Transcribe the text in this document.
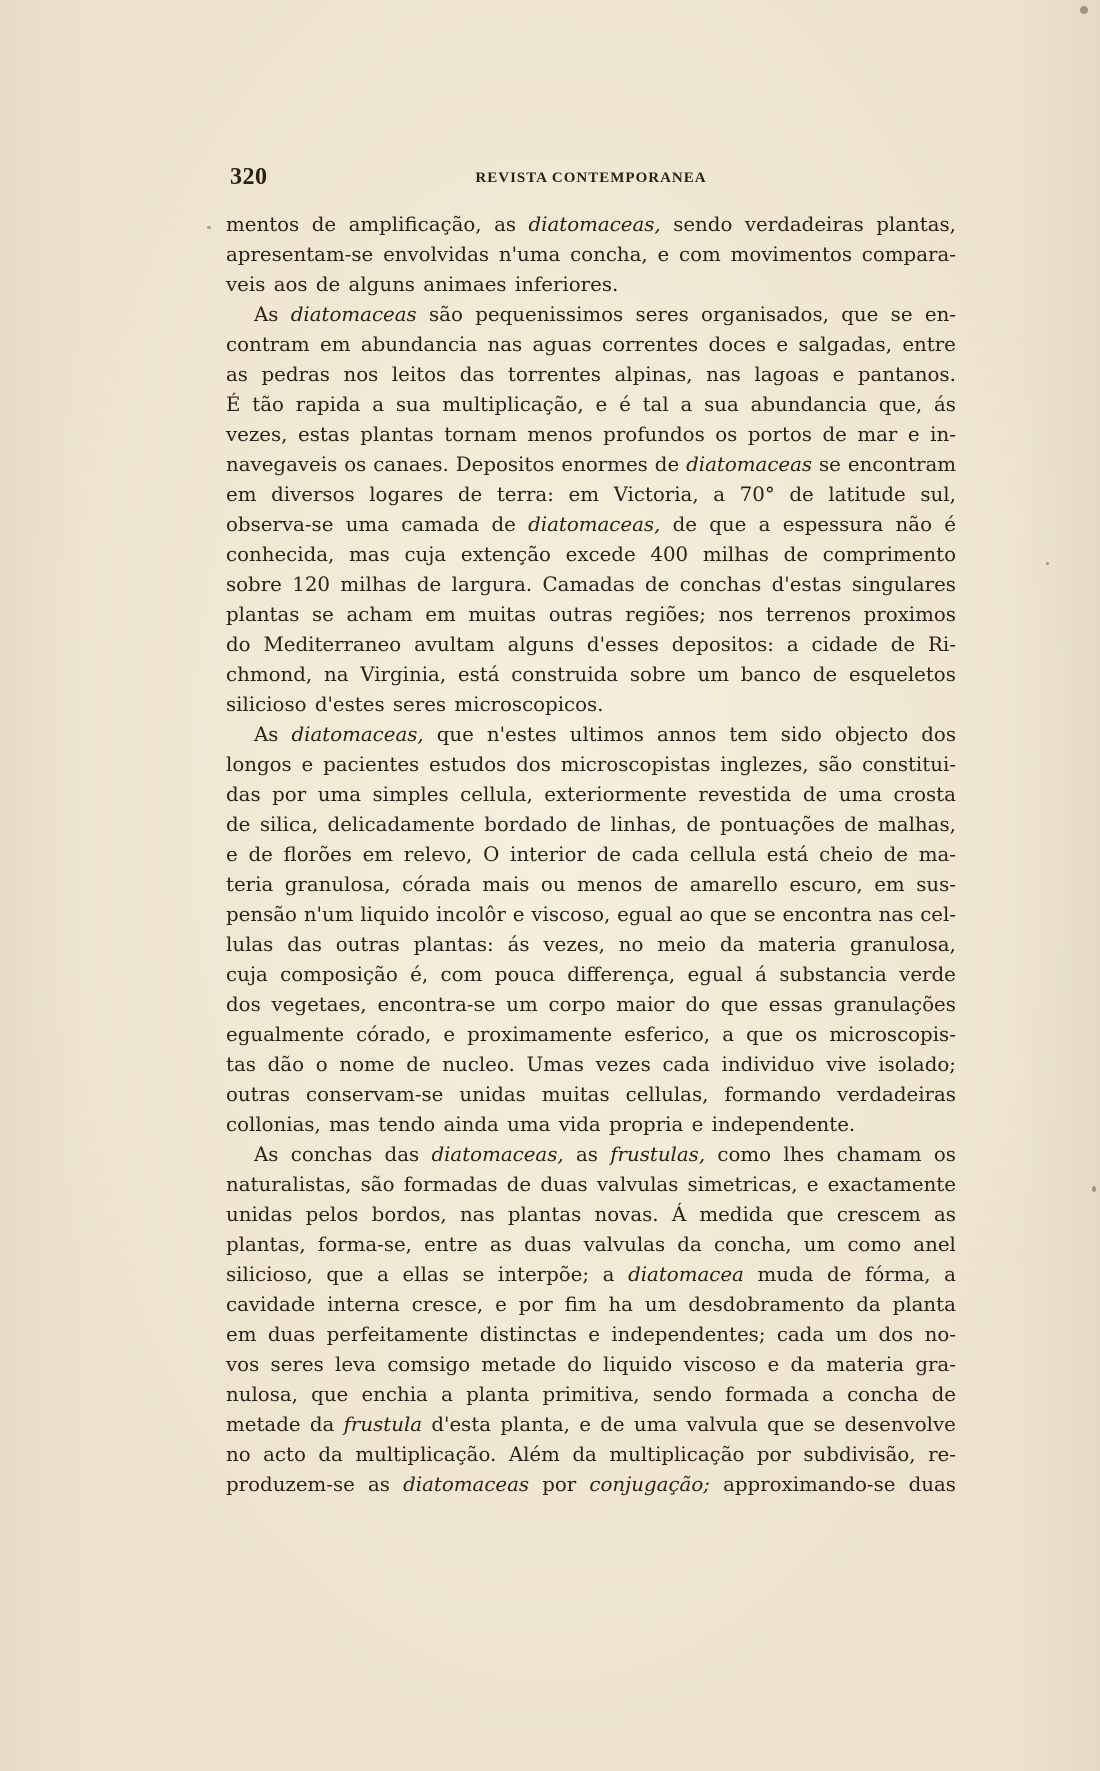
320	REVISTA CONTEMPORANEA
mentos de amplificação, as diatomaceas, sendo verdadeiras plantas,
apresentam-se envolvidas n'uma concha, e com movimentos compara-
veis aos de alguns animaes inferiores.
As diatomaceas são pequenissimos seres organisados, que se en-
contram em abundancia nas aguas correntes doces e salgadas, entre
as pedras nos leitos das torrentes alpinas, nas lagoas e pantanos.
É tão rapida a sua multiplicação, e é tal a sua abundancia que, ás
vezes, estas plantas tornam menos profundos os portos de mar e in-
navegaveis os canaes. Depositos enormes de diatomaceas se encontram
em diversos logares de terra: em Victoria, a 70° de latitude sul,
observa-se uma camada de diatomaceas, de que a espessura não é
conhecida, mas cuja extenção excede 400 milhas de comprimento
sobre 120 milhas de largura. Camadas de conchas d'estas singulares
plantas se acham em muitas outras regiões; nos terrenos proximos
do Mediterraneo avultam alguns d'esses depositos: a cidade de Ri-
chmond, na Virginia, está construida sobre um banco de esqueletos
silicioso d'estes seres microscopicos.
As diatomaceas, que n'estes ultimos annos tem sido objecto dos
longos e pacientes estudos dos microscopistas inglezes, são constitui-
das por uma simples cellula, exteriormente revestida de uma crosta
de silica, delicadamente bordado de linhas, de pontuações de malhas,
e de florões em relevo, O interior de cada cellula está cheio de ma-
teria granulosa, córada mais ou menos de amarello escuro, em sus-
pensão n'um liquido incolôr e viscoso, egual ao que se encontra nas cel-
lulas das outras plantas: ás vezes, no meio da materia granulosa,
cuja composição é, com pouca differença, egual á substancia verde
dos vegetaes, encontra-se um corpo maior do que essas granulações
egualmente córado, e proximamente esferico, a que os microscopis-
tas dão o nome de nucleo. Umas vezes cada individuo vive isolado;
outras conservam-se unidas muitas cellulas, formando verdadeiras
collonias, mas tendo ainda uma vida propria e independente.
As conchas das diatomaceas, as frustulas, como lhes chamam os
naturalistas, são formadas de duas valvulas simetricas, e exactamente
unidas pelos bordos, nas plantas novas. Á medida que crescem as
plantas, forma-se, entre as duas valvulas da concha, um como anel
silicioso, que a ellas se interpõe; a diatomacea muda de fórma, a
cavidade interna cresce, e por fim ha um desdobramento da planta
em duas perfeitamente distinctas e independentes; cada um dos no-
vos seres leva comsigo metade do liquido viscoso e da materia gra-
nulosa, que enchia a planta primitiva, sendo formada a concha de
metade da frustula d'esta planta, e de uma valvula que se desenvolve
no acto da multiplicação. Além da multiplicação por subdivisão, re-
produzem-se as diatomaceas por conjugação; approximando-se duas
